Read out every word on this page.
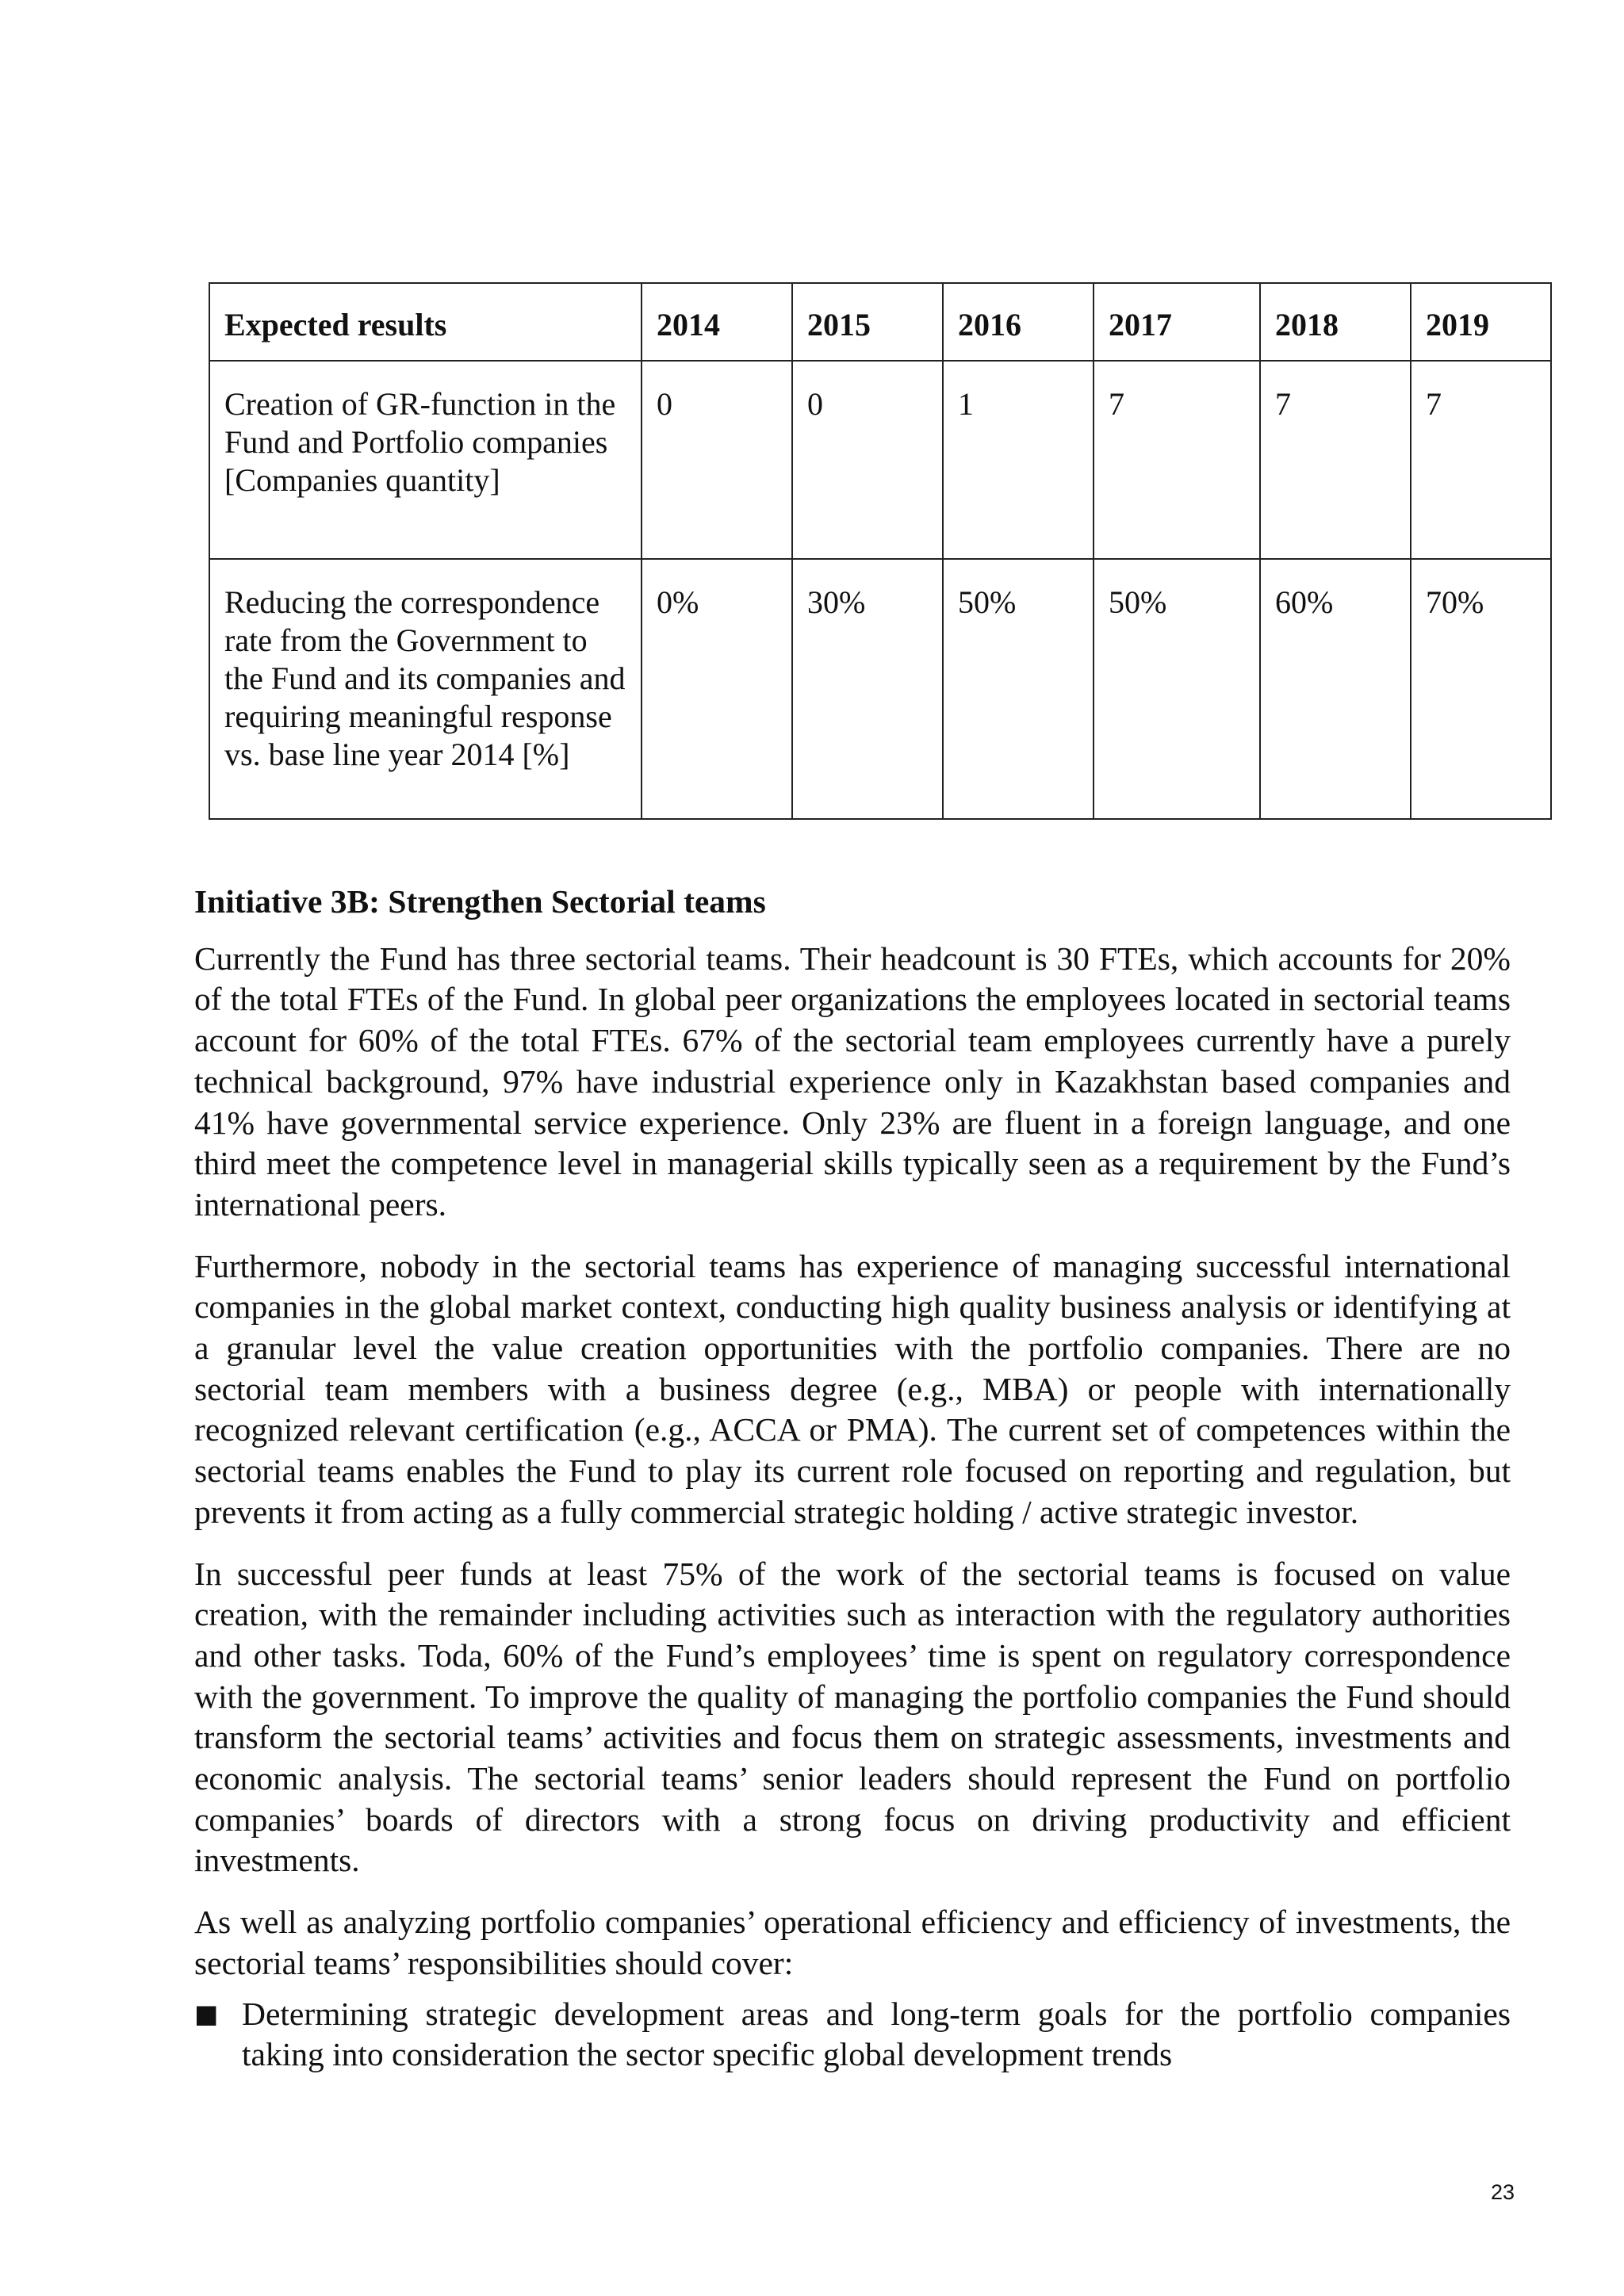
Expected results	2014	2015	2016	2017	2018	2019
Creation of GR-function in the Fund and Portfolio companies [Companies quantity]	0	0	1	7	7	7
Reducing the correspondence rate from the Government to the Fund and its companies and requiring meaningful response vs. base line year 2014 [%]	0%	30%	50%	50%	60%	70%
Initiative 3B: Strengthen Sectorial teams

Currently the Fund has three sectorial teams. Their headcount is 30 FTEs, which accounts for 20% of the total FTEs of the Fund. In global peer organizations the employees located in sectorial teams account for 60% of the total FTEs. 67% of the sectorial team employees currently have a purely technical background, 97% have industrial experience only in Kazakhstan based companies and 41% have governmental service experience. Only 23% are fluent in a foreign language, and one third meet the competence level in managerial skills typically seen as a requirement by the Fund’s international peers.

Furthermore, nobody in the sectorial teams has experience of managing successful international companies in the global market context, conducting high quality business analysis or identifying at a granular level the value creation opportunities with the portfolio companies. There are no sectorial team members with a business degree (e.g., MBA) or people with internationally recognized relevant certification (e.g., ACCA or PMA). The current set of competences within the sectorial teams enables the Fund to play its current role focused on reporting and regulation, but prevents it from acting as a fully commercial strategic holding / active strategic investor.

In successful peer funds at least 75% of the work of the sectorial teams is focused on value creation, with the remainder including activities such as interaction with the regulatory authorities and other tasks. Toda, 60% of the Fund’s employees’ time is spent on regulatory correspondence with the government. To improve the quality of managing the portfolio companies the Fund should transform the sectorial teams’ activities and focus them on strategic assessments, investments and economic analysis. The sectorial teams’ senior leaders should represent the Fund on portfolio companies’ boards of directors with a strong focus on driving productivity and efficient investments.

As well as analyzing portfolio companies’ operational efficiency and efficiency of investments, the sectorial teams’ responsibilities should cover:

■ Determining strategic development areas and long-term goals for the portfolio companies taking into consideration the sector specific global development trends
23
